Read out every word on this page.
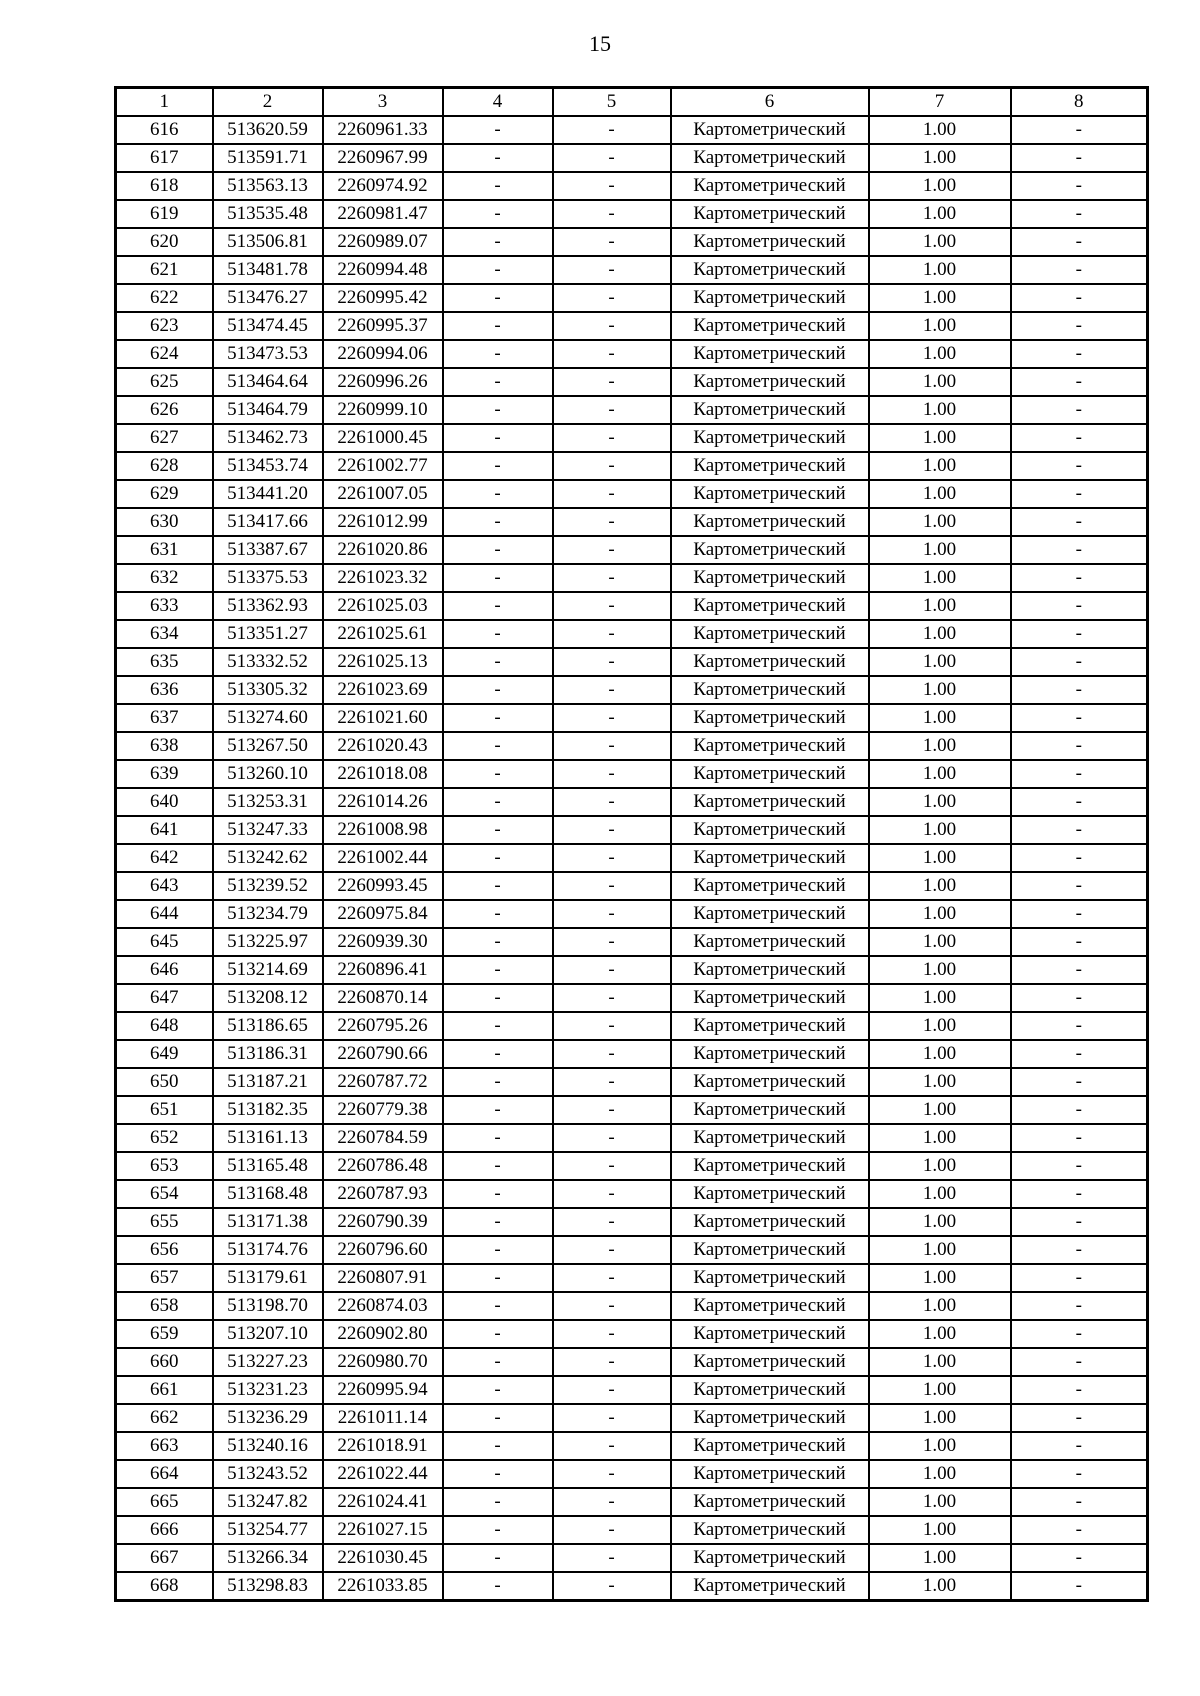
15
1	2	3	4	5	6	7	8
616	513620.59	2260961.33	-	-	Картометрический	1.00	-
617	513591.71	2260967.99	-	-	Картометрический	1.00	-
618	513563.13	2260974.92	-	-	Картометрический	1.00	-
619	513535.48	2260981.47	-	-	Картометрический	1.00	-
620	513506.81	2260989.07	-	-	Картометрический	1.00	-
621	513481.78	2260994.48	-	-	Картометрический	1.00	-
622	513476.27	2260995.42	-	-	Картометрический	1.00	-
623	513474.45	2260995.37	-	-	Картометрический	1.00	-
624	513473.53	2260994.06	-	-	Картометрический	1.00	-
625	513464.64	2260996.26	-	-	Картометрический	1.00	-
626	513464.79	2260999.10	-	-	Картометрический	1.00	-
627	513462.73	2261000.45	-	-	Картометрический	1.00	-
628	513453.74	2261002.77	-	-	Картометрический	1.00	-
629	513441.20	2261007.05	-	-	Картометрический	1.00	-
630	513417.66	2261012.99	-	-	Картометрический	1.00	-
631	513387.67	2261020.86	-	-	Картометрический	1.00	-
632	513375.53	2261023.32	-	-	Картометрический	1.00	-
633	513362.93	2261025.03	-	-	Картометрический	1.00	-
634	513351.27	2261025.61	-	-	Картометрический	1.00	-
635	513332.52	2261025.13	-	-	Картометрический	1.00	-
636	513305.32	2261023.69	-	-	Картометрический	1.00	-
637	513274.60	2261021.60	-	-	Картометрический	1.00	-
638	513267.50	2261020.43	-	-	Картометрический	1.00	-
639	513260.10	2261018.08	-	-	Картометрический	1.00	-
640	513253.31	2261014.26	-	-	Картометрический	1.00	-
641	513247.33	2261008.98	-	-	Картометрический	1.00	-
642	513242.62	2261002.44	-	-	Картометрический	1.00	-
643	513239.52	2260993.45	-	-	Картометрический	1.00	-
644	513234.79	2260975.84	-	-	Картометрический	1.00	-
645	513225.97	2260939.30	-	-	Картометрический	1.00	-
646	513214.69	2260896.41	-	-	Картометрический	1.00	-
647	513208.12	2260870.14	-	-	Картометрический	1.00	-
648	513186.65	2260795.26	-	-	Картометрический	1.00	-
649	513186.31	2260790.66	-	-	Картометрический	1.00	-
650	513187.21	2260787.72	-	-	Картометрический	1.00	-
651	513182.35	2260779.38	-	-	Картометрический	1.00	-
652	513161.13	2260784.59	-	-	Картометрический	1.00	-
653	513165.48	2260786.48	-	-	Картометрический	1.00	-
654	513168.48	2260787.93	-	-	Картометрический	1.00	-
655	513171.38	2260790.39	-	-	Картометрический	1.00	-
656	513174.76	2260796.60	-	-	Картометрический	1.00	-
657	513179.61	2260807.91	-	-	Картометрический	1.00	-
658	513198.70	2260874.03	-	-	Картометрический	1.00	-
659	513207.10	2260902.80	-	-	Картометрический	1.00	-
660	513227.23	2260980.70	-	-	Картометрический	1.00	-
661	513231.23	2260995.94	-	-	Картометрический	1.00	-
662	513236.29	2261011.14	-	-	Картометрический	1.00	-
663	513240.16	2261018.91	-	-	Картометрический	1.00	-
664	513243.52	2261022.44	-	-	Картометрический	1.00	-
665	513247.82	2261024.41	-	-	Картометрический	1.00	-
666	513254.77	2261027.15	-	-	Картометрический	1.00	-
667	513266.34	2261030.45	-	-	Картометрический	1.00	-
668	513298.83	2261033.85	-	-	Картометрический	1.00	-
